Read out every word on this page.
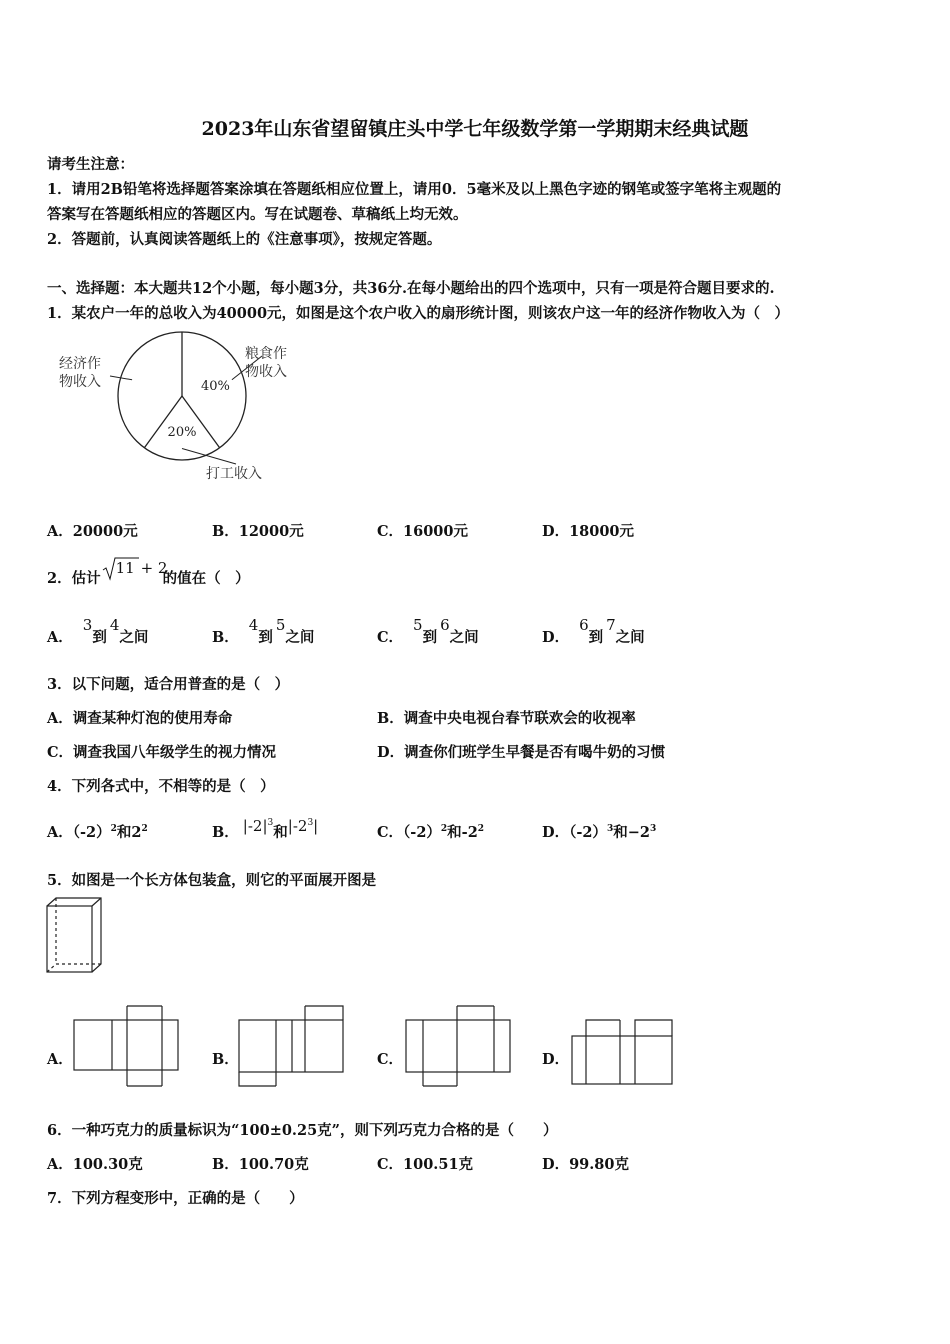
2023年山东省望留镇庄头中学七年级数学第一学期期末经典试题
请考生注意：
1．请用2B铅笔将选择题答案涂填在答题纸相应位置上，请用0．5毫米及以上黑色字迹的钢笔或签字笔将主观题的
答案写在答题纸相应的答题区内。写在试题卷、草稿纸上均无效。
2．答题前，认真阅读答题纸上的《注意事项》，按规定答题。
一、选择题：本大题共12个小题，每小题3分，共36分.在每小题给出的四个选项中，只有一项是符合题目要求的.
1．某农户一年的总收入为40000元，如图是这个农户收入的扇形统计图，则该农户这一年的经济作物收入为（　）
40%
20%
粮食作
物收入
打工收入
经济作
物收入
A．20000元	B．12000元	C．16000元	D．18000元
2．估计
11 + 2
的值在（　）
A．3到4之间	B．4到5之间	C．5到6之间	D．6到7之间
3．以下问题，适合用普查的是（　）
A．调查某种灯泡的使用寿命	B．调查中央电视台春节联欢会的收视率
C．调查我国八年级学生的视力情况	D．调查你们班学生早餐是否有喝牛奶的习惯
4．下列各式中，不相等的是（　）
A．$(-2)^2$和$2^2$	B． $|-2|^3$和$|-2^3|$	C．$(-2)^2$和$-2^2$	D．$(-2)^3$和$-2^3$
5．如图是一个长方体包装盒，则它的平面展开图是
A．	B．	C．	D．
6．一种巧克力的质量标识为“100±0.25克”，则下列巧克力合格的是（　　）
A．100.30克	B．100.70克	C．100.51克	D．99.80克
7．下列方程变形中，正确的是（　　）
